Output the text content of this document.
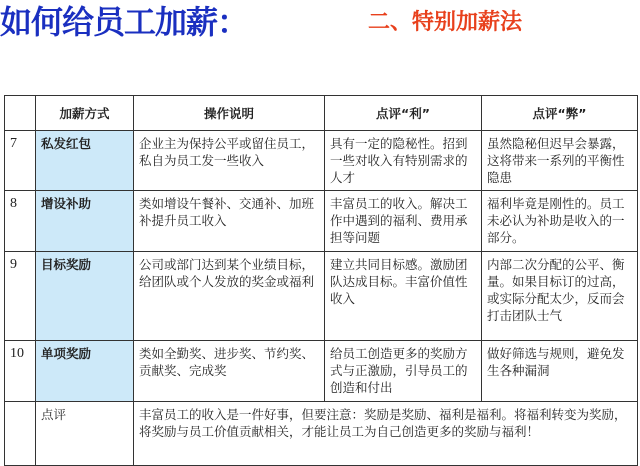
如何给员工加薪：	二、特别加薪法
	加薪方式	操作说明	点评“利”	点评“弊”
7	私发红包	企业主为保持公平或留住员工，私自为员工发一些收入	具有一定的隐秘性。招到一些对收入有特别需求的人才	虽然隐秘但迟早会暴露，这将带来一系列的平衡性隐患
8	增设补助	类如增设午餐补、交通补、加班补提升员工收入	丰富员工的收入。解决工作中遇到的福利、费用承担等问题	福利毕竟是刚性的。员工未必认为补助是收入的一部分。
9	目标奖励	公司或部门达到某个业绩目标，给团队或个人发放的奖金或福利	建立共同目标感。激励团队达成目标。丰富价值性收入	内部二次分配的公平、衡量。如果目标订的过高，或实际分配太少，反而会打击团队士气
10	单项奖励	类如全勤奖、进步奖、节约奖、贡献奖、完成奖	给员工创造更多的奖励方式与正激励，引导员工的创造和付出	做好筛选与规则，避免发生各种漏洞
	点评	丰富员工的收入是一件好事，但要注意：奖励是奖励、福利是福利。将福利转变为奖励，将奖励与员工价值贡献相关，才能让员工为自己创造更多的奖励与福利！		
